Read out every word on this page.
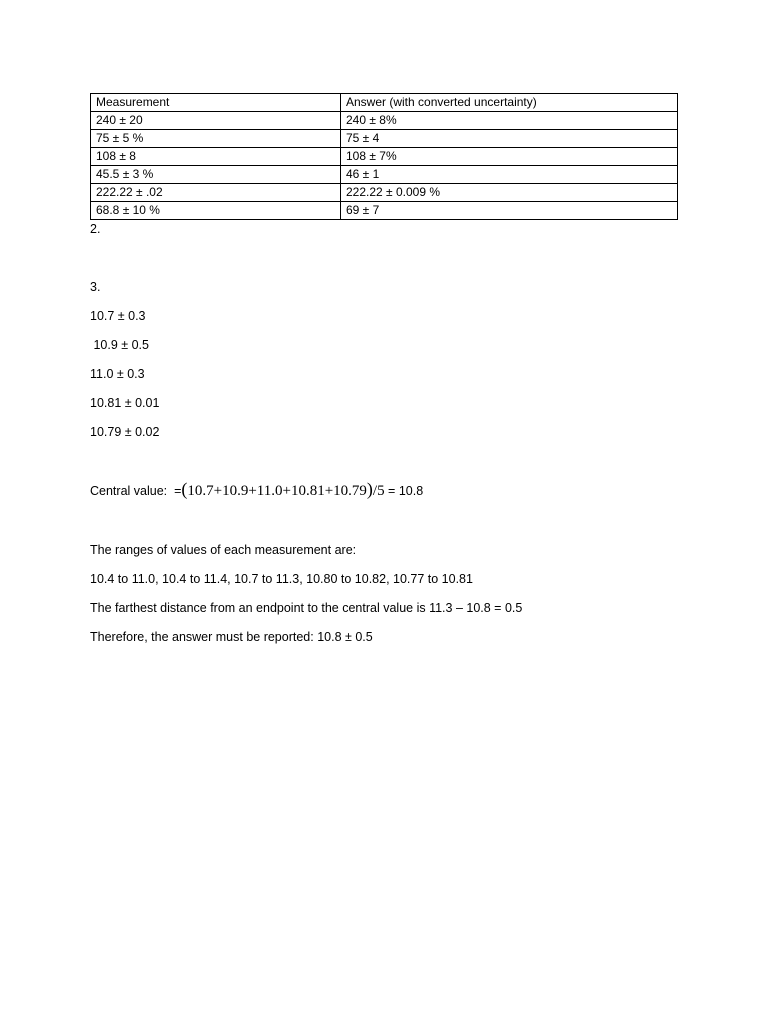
Measurement	Answer (with converted uncertainty)
240 ± 20	240 ± 8%
75 ± 5 %	75 ± 4
108 ± 8	108 ± 7%
45.5 ± 3 %	46 ± 1
222.22 ± .02	222.22 ± 0.009 %
68.8 ± 10 %	69 ± 7
2.
3.
10.7 ± 0.3
10.9 ± 0.5
11.0 ± 0.3
10.81 ± 0.01
10.79 ± 0.02
Central value:  =(10.7+10.9+11.0+10.81+10.79)/5 = 10.8
The ranges of values of each measurement are:
10.4 to 11.0, 10.4 to 11.4, 10.7 to 11.3, 10.80 to 10.82, 10.77 to 10.81
The farthest distance from an endpoint to the central value is 11.3 – 10.8 = 0.5
Therefore, the answer must be reported: 10.8 ± 0.5
